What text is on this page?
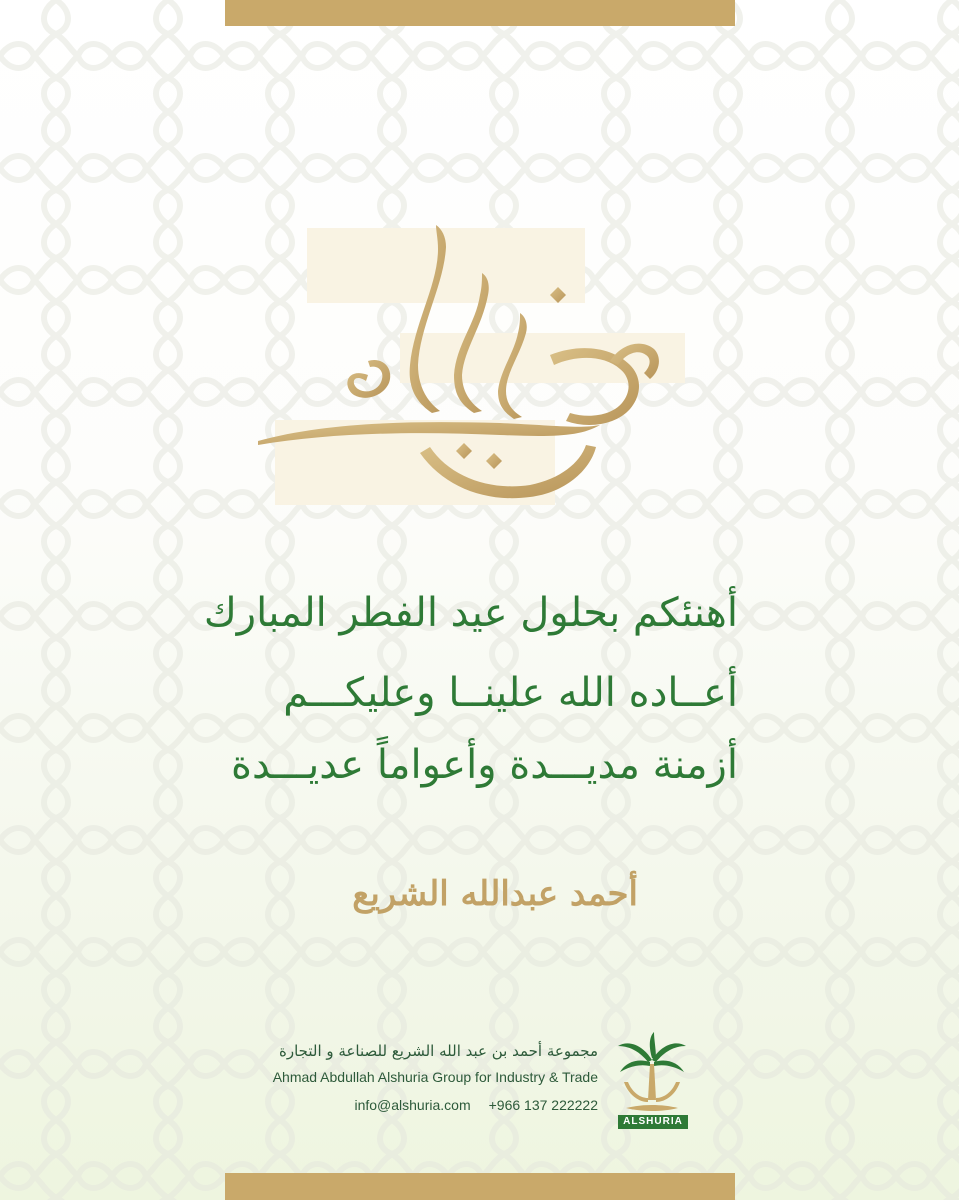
أهنئكم بحلول عيد الفطر المبارك
أعــاده الله علينــا وعليكـــم
أزمنة مديـــدة وأعواماً عديـــدة
أحمد عبدالله الشريع
مجموعة أحمد بن عبد الله الشريع للصناعة و التجارة
Ahmad Abdullah Alshuria Group for Industry & Trade
info@alshuria.com +966 137 222222
ALSHURIA
